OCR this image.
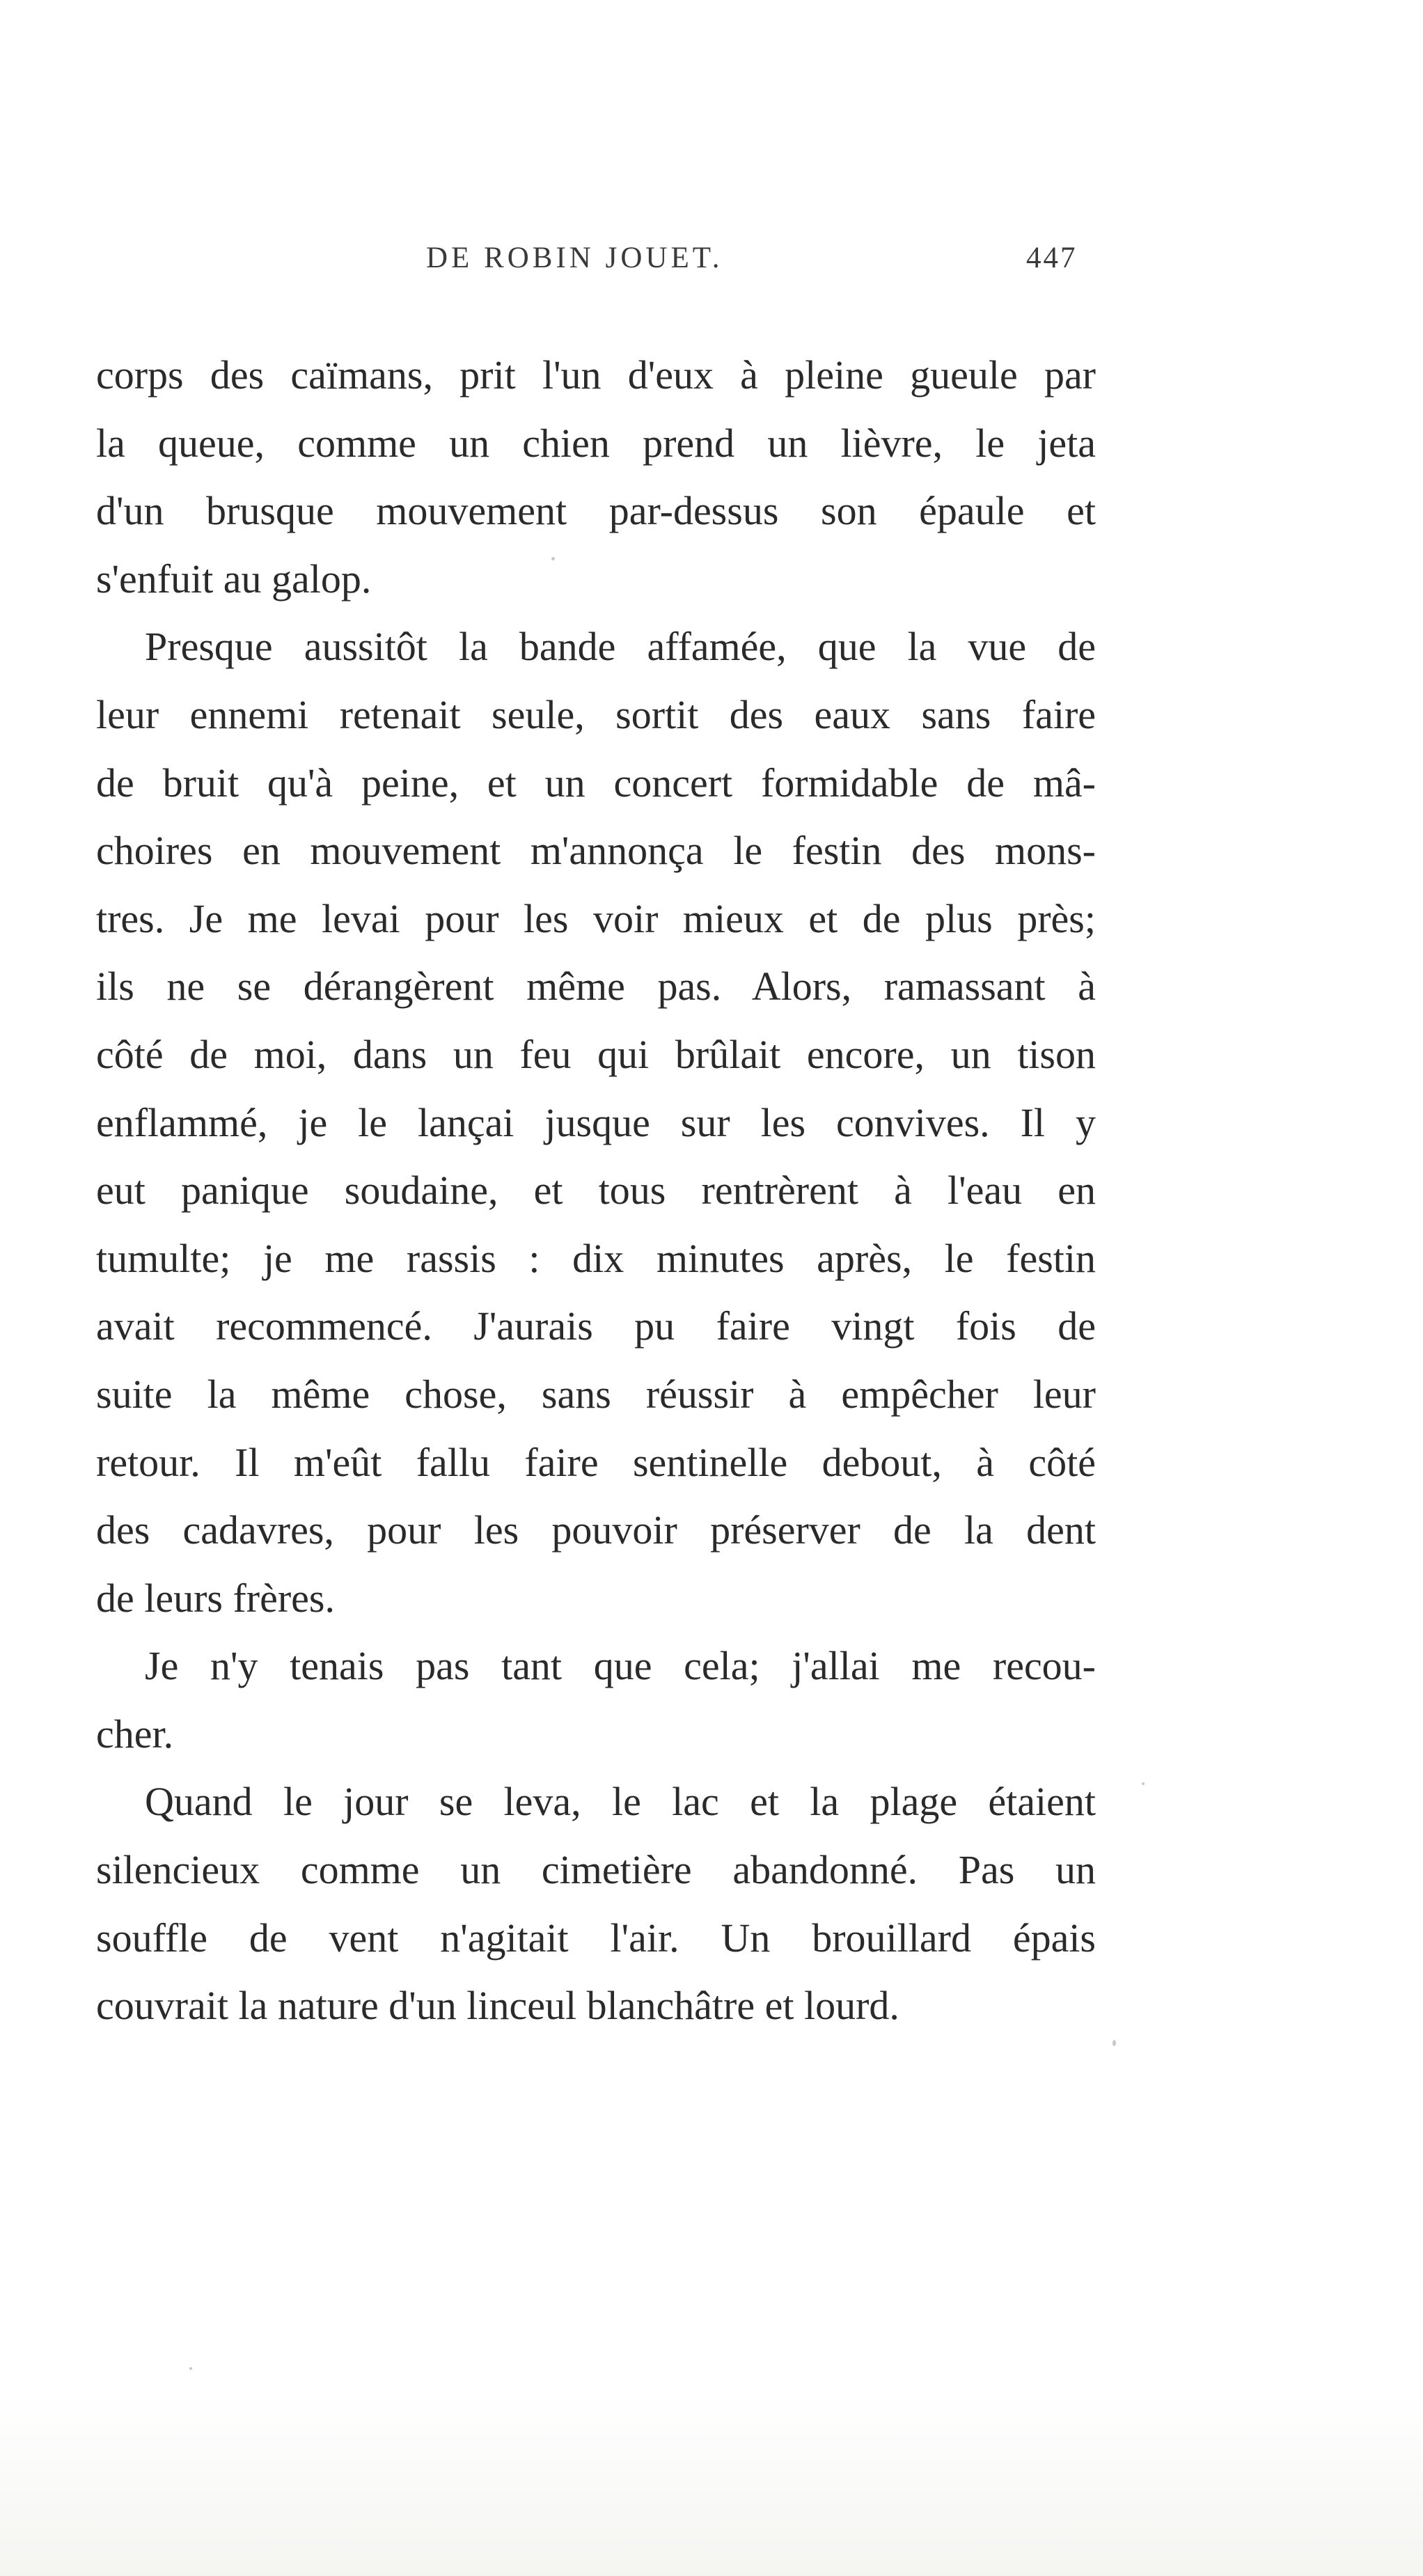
DE ROBIN JOUET.	447
corps des caïmans, prit l'un d'eux à pleine gueule par
la queue, comme un chien prend un lièvre, le jeta
d'un brusque mouvement par-dessus son épaule et
s'enfuit au galop.
Presque aussitôt la bande affamée, que la vue de
leur ennemi retenait seule, sortit des eaux sans faire
de bruit qu'à peine, et un concert formidable de mâ-
choires en mouvement m'annonça le festin des mons-
tres. Je me levai pour les voir mieux et de plus près;
ils ne se dérangèrent même pas. Alors, ramassant à
côté de moi, dans un feu qui brûlait encore, un tison
enflammé, je le lançai jusque sur les convives. Il y
eut panique soudaine, et tous rentrèrent à l'eau en
tumulte; je me rassis : dix minutes après, le festin
avait recommencé. J'aurais pu faire vingt fois de
suite la même chose, sans réussir à empêcher leur
retour. Il m'eût fallu faire sentinelle debout, à côté
des cadavres, pour les pouvoir préserver de la dent
de leurs frères.
Je n'y tenais pas tant que cela; j'allai me recou-
cher.
Quand le jour se leva, le lac et la plage étaient
silencieux comme un cimetière abandonné. Pas un
souffle de vent n'agitait l'air. Un brouillard épais
couvrait la nature d'un linceul blanchâtre et lourd.
